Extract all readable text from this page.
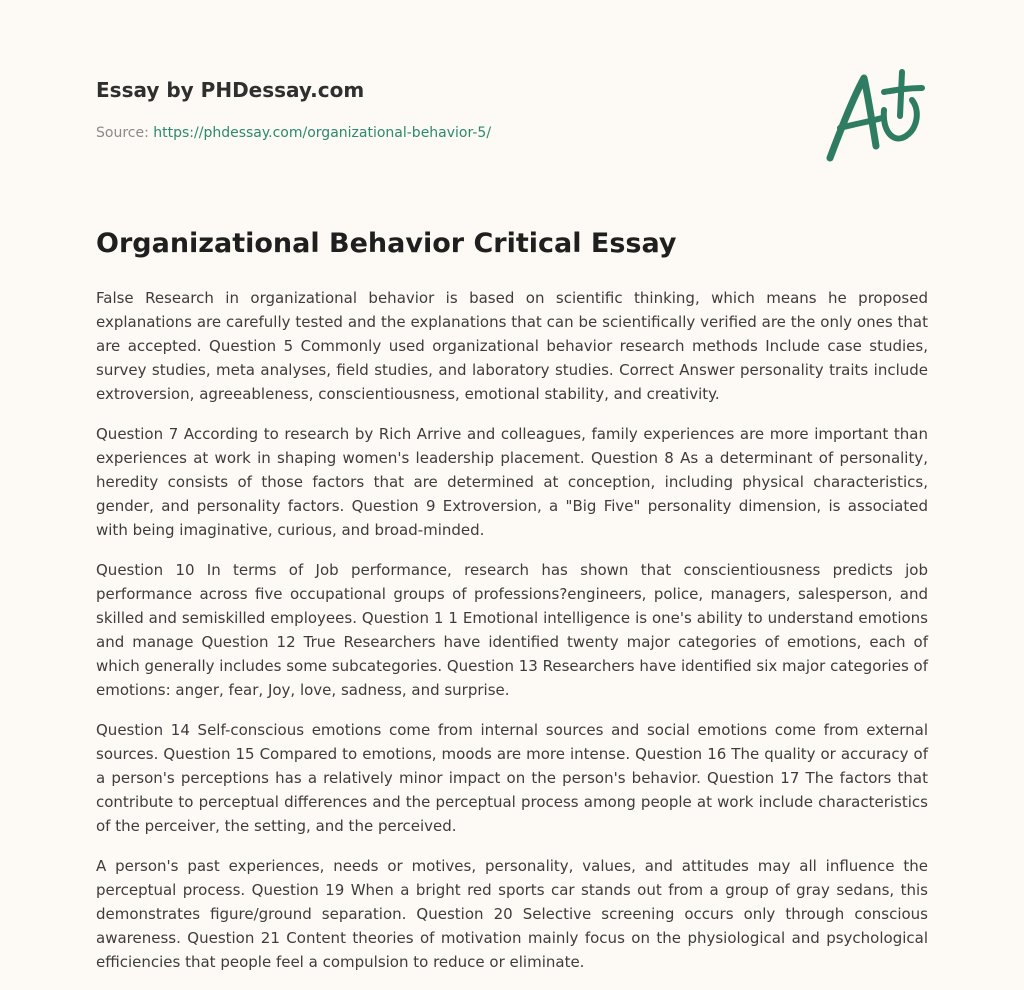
Essay by PHDessay.com
Source: https://phdessay.com/organizational-behavior-5/
A+
Organizational Behavior Critical Essay

False Research in organizational behavior is based on scientific thinking, which means he proposed explanations are carefully tested and the explanations that can be scientifically verified are the only ones that are accepted. Question 5 Commonly used organizational behavior research methods Include case studies, survey studies, meta analyses, field studies, and laboratory studies. Correct Answer personality traits include extroversion, agreeableness, conscientiousness, emotional stability, and creativity.

Question 7 According to research by Rich Arrive and colleagues, family experiences are more important than experiences at work in shaping women's leadership placement. Question 8 As a determinant of personality, heredity consists of those factors that are determined at conception, including physical characteristics, gender, and personality factors. Question 9 Extroversion, a "Big Five" personality dimension, is associated with being imaginative, curious, and broad-minded.

Question 10 In terms of Job performance, research has shown that conscientiousness predicts job performance across five occupational groups of professions?engineers, police, managers, salesperson, and skilled and semiskilled employees. Question 1 1 Emotional intelligence is one's ability to understand emotions and manage Question 12 True Researchers have identified twenty major categories of emotions, each of which generally includes some subcategories. Question 13 Researchers have identified six major categories of emotions: anger, fear, Joy, love, sadness, and surprise.

Question 14 Self-conscious emotions come from internal sources and social emotions come from external sources. Question 15 Compared to emotions, moods are more intense. Question 16 The quality or accuracy of a person's perceptions has a relatively minor impact on the person's behavior. Question 17 The factors that contribute to perceptual differences and the perceptual process among people at work include characteristics of the perceiver, the setting, and the perceived.

A person's past experiences, needs or motives, personality, values, and attitudes may all influence the perceptual process. Question 19 When a bright red sports car stands out from a group of gray sedans, this demonstrates figure/ground separation. Question 20 Selective screening occurs only through conscious awareness. Question 21 Content theories of motivation mainly focus on the physiological and psychological efficiencies that people feel a compulsion to reduce or eliminate.
